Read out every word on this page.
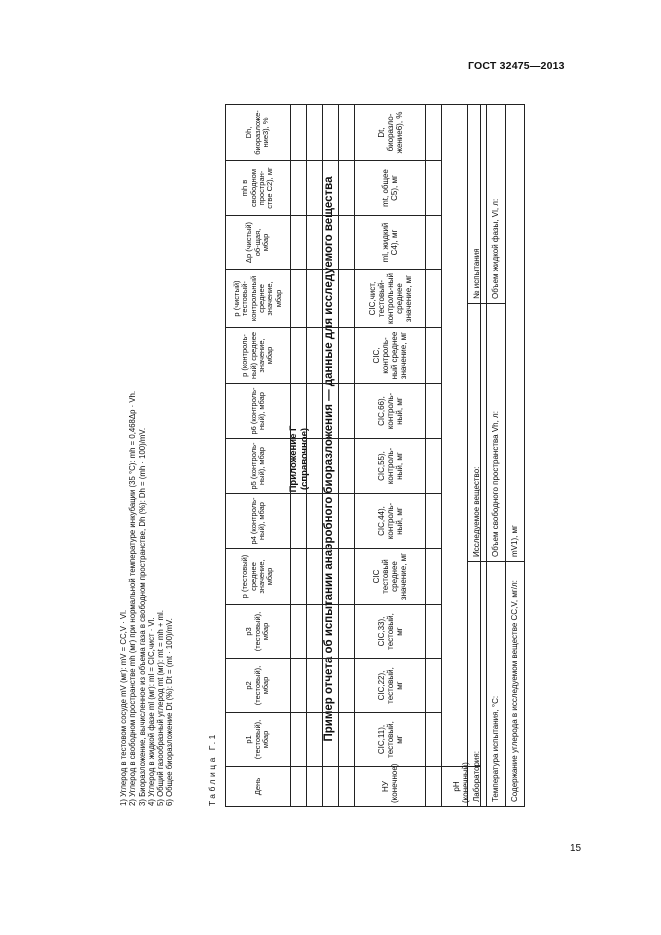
ГОСТ 32475—2013
Приложение Г (справочное) Пример отчета об испытании анаэробного биоразложения — данные для исследуемого вещества
Лаборатория:	Исследуемое вещество:	№ испытания
Температура испытания, °С:	Объем свободного пространства Vh, л:	Объем жидкой фазы, Vl, л:
Содержание углерода в исследуемом веществе CC,V, мг/л:	mV1), мг	
Таблица Г.1	День	p1 (тестовый), мбар	p2 (тестовый), мбар	p3 (тестовый), мбар	p (тестовый) среднее значение, мбар	p4 (контроль-ный), мбар	p5 (контроль-ный), мбар	p6 (контроль-ный), мбар	p (контроль-ный) среднее значение, мбар	p (чистый) тестовый-контрольный среднее значение, мбар	Δp (чистый) об-щая, мбар	mh в свободном простран-стве С2), мг	Dh, биоразложе-ние3), %

НУ (конечное)	CIC,11), тестовый, мг	CIC,22), тестовый, мг	CIC,33), тестовый, мг	CIC тестовый среднее значение, мг	CIC,44), контроль-ный, мг	CIC,55), контроль-ный, мг	CIC,66), контроль-ный, мг	CIC, контроль-ный среднее значение, мг	CIC,чист, тестовый-контроль-ный среднее значение, мг	ml, жидкий С4), мг	mt, общее С5), мг	Dt, биоразло-жение6), %

pH (конечный)												
1) Углерод в тестовом сосуде mV (мг): mV = CC,V · Vl. 2) Углерод в свободном пространстве mh (мг) при нормальной температуре инкубации (35 °C): mh = 0,468Δp · Vh. 3) Биоразложение, вычисленное из объема газа в свободном пространстве, Dh (%): Dh = (mh · 100)/mV. 4) Углерод в жидкой фазе ml (мг): ml = CIC,чист · Vl. 5) Общий газообразный углерод mt (мг): mt = mh + ml. 6) Общее биоразложение Dt (%): Dt = (mt · 100)/mV.
15
